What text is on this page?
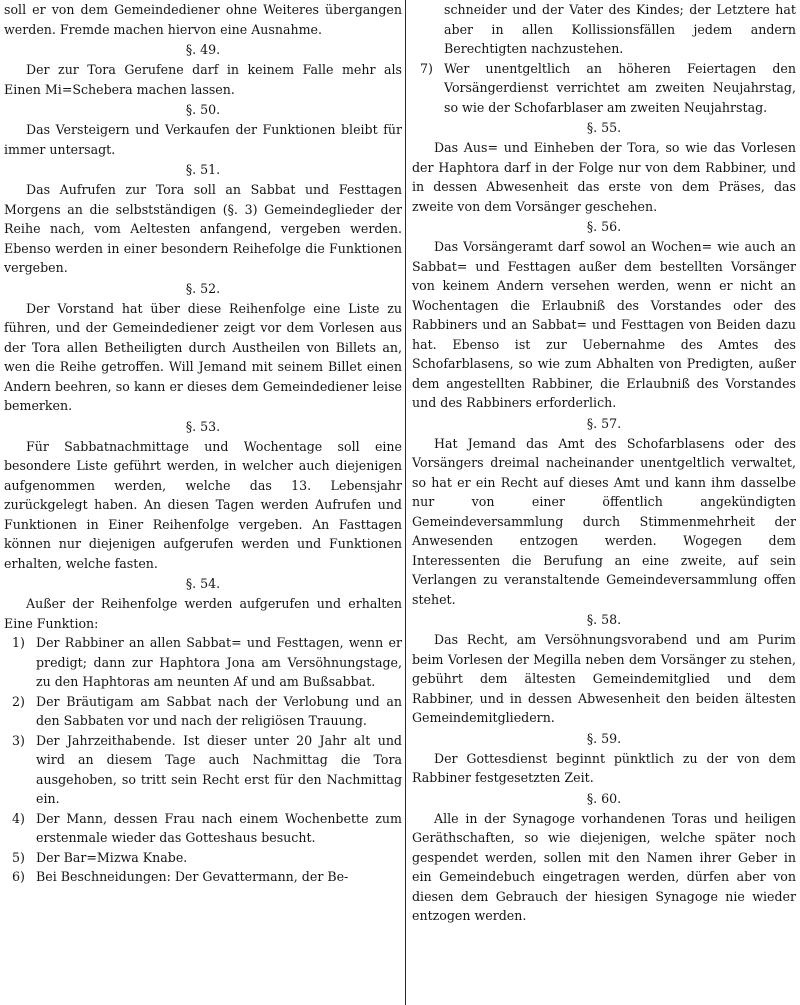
soll er von dem Gemeindediener ohne Weiteres übergangen werden. Fremde machen hiervon eine Ausnahme.

§. 49.

Der zur Tora Gerufene darf in keinem Falle mehr als Einen Mi=Schebera machen lassen.

§. 50.

Das Versteigern und Verkaufen der Funktionen bleibt für immer untersagt.

§. 51.

Das Aufrufen zur Tora soll an Sabbat und Festtagen Morgens an die selbstständigen (§. 3) Gemeindeglieder der Reihe nach, vom Aeltesten anfangend, vergeben werden. Ebenso werden in einer besondern Reihefolge die Funktionen vergeben.

§. 52.

Der Vorstand hat über diese Reihenfolge eine Liste zu führen, und der Gemeindediener zeigt vor dem Vorlesen aus der Tora allen Betheiligten durch Austheilen von Billets an, wen die Reihe getroffen. Will Jemand mit seinem Billet einen Andern beehren, so kann er dieses dem Gemeindediener leise bemerken.

§. 53.

Für Sabbatnachmittage und Wochentage soll eine besondere Liste geführt werden, in welcher auch diejenigen aufgenommen werden, welche das 13. Lebensjahr zurückgelegt haben. An diesen Tagen werden Aufrufen und Funktionen in Einer Reihenfolge vergeben. An Fasttagen können nur diejenigen aufgerufen werden und Funktionen erhalten, welche fasten.

§. 54.

Außer der Reihenfolge werden aufgerufen und erhalten Eine Funktion:

1) Der Rabbiner an allen Sabbat= und Festtagen, wenn er predigt; dann zur Haphtora Jona am Versöhnungstage, zu den Haphtoras am neunten Af und am Bußsabbat.
2) Der Bräutigam am Sabbat nach der Verlobung und an den Sabbaten vor und nach der religiösen Trauung.
3) Der Jahrzeithabende. Ist dieser unter 20 Jahr alt und wird an diesem Tage auch Nachmittag die Tora ausgehoben, so tritt sein Recht erst für den Nachmittag ein.
4) Der Mann, dessen Frau nach einem Wochenbette zum erstenmale wieder das Gotteshaus besucht.
5) Der Bar=Mizwa Knabe.
6) Bei Beschneidungen: Der Gevattermann, der Be-
schneider und der Vater des Kindes; der Letztere hat aber in allen Kollissionsfällen jedem andern Berechtigten nachzustehen.
7) Wer unentgeltlich an höheren Feiertagen den Vorsängerdienst verrichtet am zweiten Neujahrstag, so wie der Schofarblaser am zweiten Neujahrstag.
§. 55.

Das Aus= und Einheben der Tora, so wie das Vorlesen der Haphtora darf in der Folge nur von dem Rabbiner, und in dessen Abwesenheit das erste von dem Präses, das zweite von dem Vorsänger geschehen.

§. 56.

Das Vorsängeramt darf sowol an Wochen= wie auch an Sabbat= und Festtagen außer dem bestellten Vorsänger von keinem Andern versehen werden, wenn er nicht an Wochentagen die Erlaubniß des Vorstandes oder des Rabbiners und an Sabbat= und Festtagen von Beiden dazu hat. Ebenso ist zur Uebernahme des Amtes des Schofarblasens, so wie zum Abhalten von Predigten, außer dem angestellten Rabbiner, die Erlaubniß des Vorstandes und des Rabbiners erforderlich.

§. 57.

Hat Jemand das Amt des Schofarblasens oder des Vorsängers dreimal nacheinander unentgeltlich verwaltet, so hat er ein Recht auf dieses Amt und kann ihm dasselbe nur von einer öffentlich angekündigten Gemeindeversammlung durch Stimmenmehrheit der Anwesenden entzogen werden. Wogegen dem Interessenten die Berufung an eine zweite, auf sein Verlangen zu veranstaltende Gemeindeversammlung offen stehet.

§. 58.

Das Recht, am Versöhnungsvorabend und am Purim beim Vorlesen der Megilla neben dem Vorsänger zu stehen, gebührt dem ältesten Gemeindemitglied und dem Rabbiner, und in dessen Abwesenheit den beiden ältesten Gemeindemitgliedern.

§. 59.

Der Gottesdienst beginnt pünktlich zu der von dem Rabbiner festgesetzten Zeit.

§. 60.

Alle in der Synagoge vorhandenen Toras und heiligen Geräthschaften, so wie diejenigen, welche später noch gespendet werden, sollen mit den Namen ihrer Geber in ein Gemeindebuch eingetragen werden, dürfen aber von diesen dem Gebrauch der hiesigen Synagoge nie wieder entzogen werden.
